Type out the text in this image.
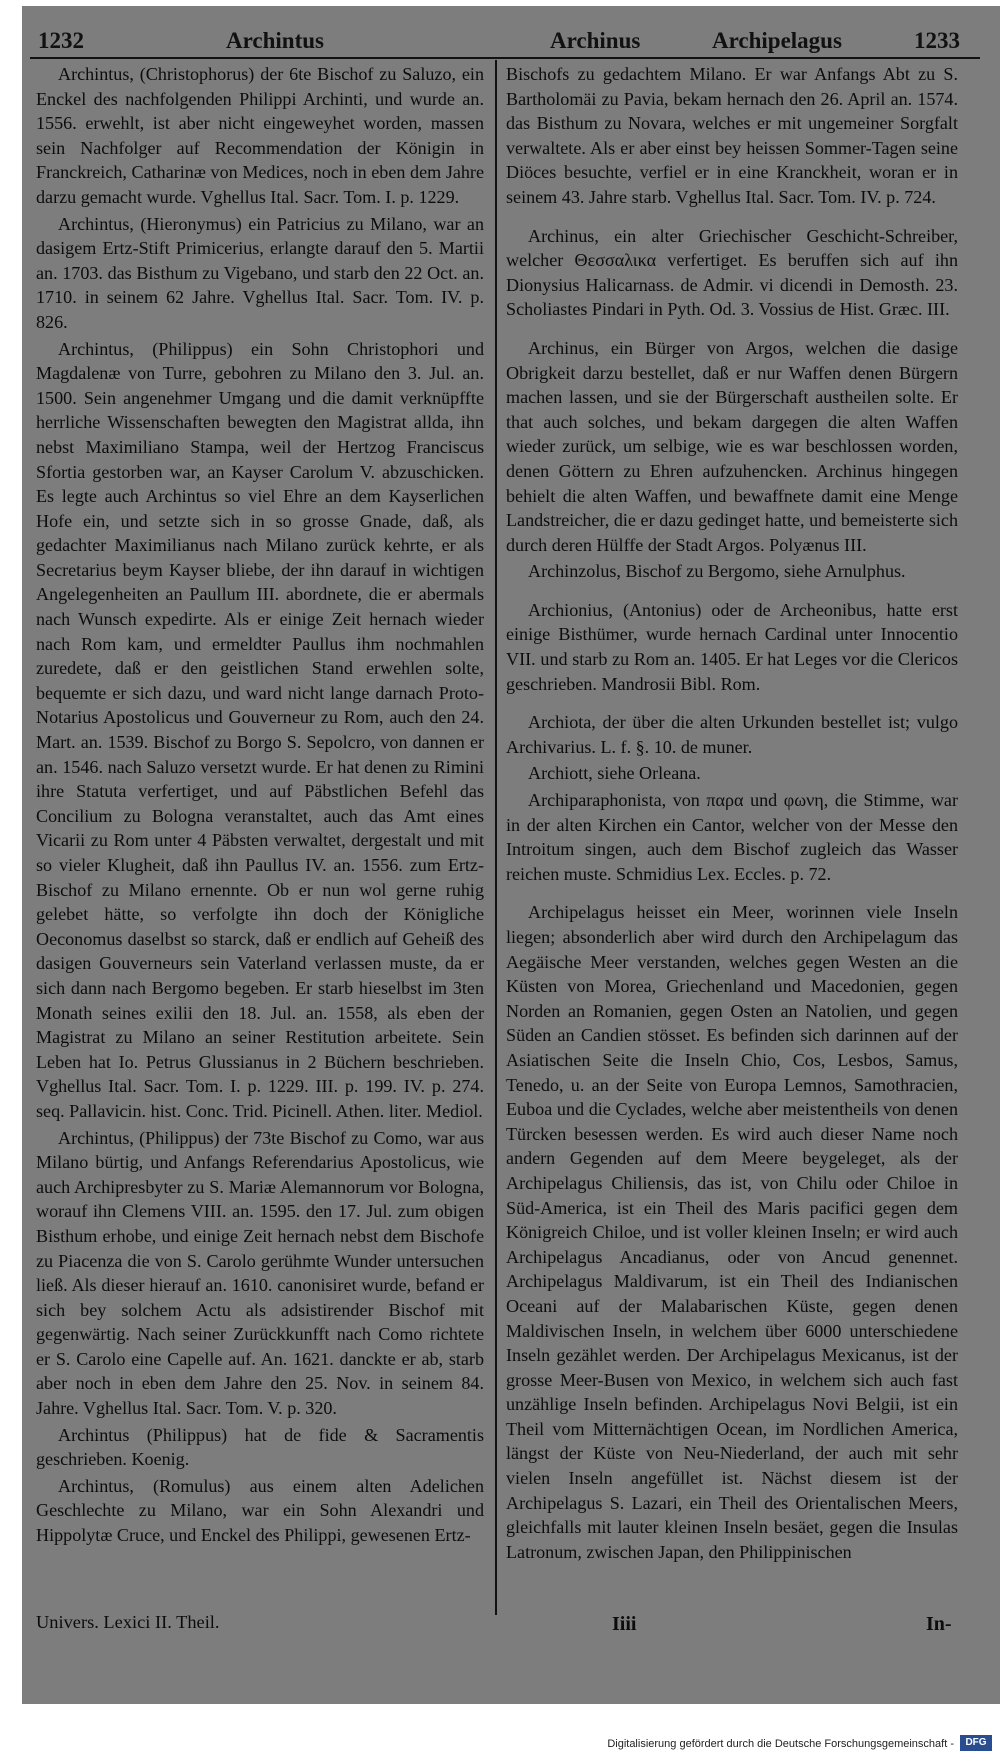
1232	Archintus	Archinus	Archipelagus	1233

Archintus, (Christophorus) der 6te Bischof zu Saluzo, ein Enckel des nachfolgenden Philippi Archinti, und wurde an. 1556. erwehlt, ist aber nicht eingeweyhet worden, massen sein Nachfolger auf Recommendation der Königin in Franckreich, Catharinæ von Medices, noch in eben dem Jahre darzu gemacht wurde. Vghellus Ital. Sacr. Tom. I. p. 1229.

Archintus, (Hieronymus) ein Patricius zu Milano, war an dasigem Ertz-Stift Primicerius, erlangte darauf den 5. Martii an. 1703. das Bisthum zu Vigebano, und starb den 22 Oct. an. 1710. in seinem 62 Jahre. Vghellus Ital. Sacr. Tom. IV. p. 826.

Archintus, (Philippus) ein Sohn Christophori und Magdalenæ von Turre, gebohren zu Milano den 3. Jul. an. 1500. Sein angenehmer Umgang und die damit verknüpffte herrliche Wissenschaften bewegten den Magistrat allda, ihn nebst Maximiliano Stampa, weil der Hertzog Franciscus Sfortia gestorben war, an Kayser Carolum V. abzuschicken. Es legte auch Archintus so viel Ehre an dem Kayserlichen Hofe ein, und setzte sich in so grosse Gnade, daß, als gedachter Maximilianus nach Milano zurück kehrte, er als Secretarius beym Kayser bliebe, der ihn darauf in wichtigen Angelegenheiten an Paullum III. abordnete, die er abermals nach Wunsch expedirte. Als er einige Zeit hernach wieder nach Rom kam, und ermeldter Paullus ihm nochmahlen zuredete, daß er den geistlichen Stand erwehlen solte, bequemte er sich dazu, und ward nicht lange darnach Proto-Notarius Apostolicus und Gouverneur zu Rom, auch den 24. Mart. an. 1539. Bischof zu Borgo S. Sepolcro, von dannen er an. 1546. nach Saluzo versetzt wurde. Er hat denen zu Rimini ihre Statuta verfertiget, und auf Päbstlichen Befehl das Concilium zu Bologna veranstaltet, auch das Amt eines Vicarii zu Rom unter 4 Päbsten verwaltet, dergestalt und mit so vieler Klugheit, daß ihn Paullus IV. an. 1556. zum Ertz-Bischof zu Milano ernennte. Ob er nun wol gerne ruhig gelebet hätte, so verfolgte ihn doch der Königliche Oeconomus daselbst so starck, daß er endlich auf Geheiß des dasigen Gouverneurs sein Vaterland verlassen muste, da er sich dann nach Bergomo begeben. Er starb hieselbst im 3ten Monath seines exilii den 18. Jul. an. 1558, als eben der Magistrat zu Milano an seiner Restitution arbeitete. Sein Leben hat Io. Petrus Glussianus in 2 Büchern beschrieben. Vghellus Ital. Sacr. Tom. I. p. 1229. III. p. 199. IV. p. 274. seq. Pallavicin. hist. Conc. Trid. Picinell. Athen. liter. Mediol.

Archintus, (Philippus) der 73te Bischof zu Como, war aus Milano bürtig, und Anfangs Referendarius Apostolicus, wie auch Archipresbyter zu S. Mariæ Alemannorum vor Bologna, worauf ihn Clemens VIII. an. 1595. den 17. Jul. zum obigen Bisthum erhobe, und einige Zeit hernach nebst dem Bischofe zu Piacenza die von S. Carolo gerühmte Wunder untersuchen ließ. Als dieser hierauf an. 1610. canonisiret wurde, befand er sich bey solchem Actu als adsistirender Bischof mit gegenwärtig. Nach seiner Zurückkunfft nach Como richtete er S. Carolo eine Capelle auf. An. 1621. danckte er ab, starb aber noch in eben dem Jahre den 25. Nov. in seinem 84. Jahre. Vghellus Ital. Sacr. Tom. V. p. 320.

Archintus (Philippus) hat de fide & Sacramentis geschrieben. Koenig.

Archintus, (Romulus) aus einem alten Adelichen Geschlechte zu Milano, war ein Sohn Alexandri und Hippolytæ Cruce, und Enckel des Philippi, gewesenen Ertz-

Bischofs zu gedachtem Milano. Er war Anfangs Abt zu S. Bartholomäi zu Pavia, bekam hernach den 26. April an. 1574. das Bisthum zu Novara, welches er mit ungemeiner Sorgfalt verwaltete. Als er aber einst bey heissen Sommer-Tagen seine Diöces besuchte, verfiel er in eine Kranckheit, woran er in seinem 43. Jahre starb. Vghellus Ital. Sacr. Tom. IV. p. 724.

Archinus, ein alter Griechischer Geschicht-Schreiber, welcher Θεσσαλικα verfertiget. Es beruffen sich auf ihn Dionysius Halicarnass. de Admir. vi dicendi in Demosth. 23. Scholiastes Pindari in Pyth. Od. 3. Vossius de Hist. Græc. III.

Archinus, ein Bürger von Argos, welchen die dasige Obrigkeit darzu bestellet, daß er nur Waffen denen Bürgern machen lassen, und sie der Bürgerschaft austheilen solte. Er that auch solches, und bekam dargegen die alten Waffen wieder zurück, um selbige, wie es war beschlossen worden, denen Göttern zu Ehren aufzuhencken. Archinus hingegen behielt die alten Waffen, und bewaffnete damit eine Menge Landstreicher, die er dazu gedinget hatte, und bemeisterte sich durch deren Hülffe der Stadt Argos. Polyænus III.

Archinzolus, Bischof zu Bergomo, siehe Arnulphus.

Archionius, (Antonius) oder de Archeonibus, hatte erst einige Bisthümer, wurde hernach Cardinal unter Innocentio VII. und starb zu Rom an. 1405. Er hat Leges vor die Clericos geschrieben. Mandrosii Bibl. Rom.

Archiota, der über die alten Urkunden bestellet ist; vulgo Archivarius. L. f. §. 10. de muner.

Archiott, siehe Orleana.

Archiparaphonista, von παρα und φωνη, die Stimme, war in der alten Kirchen ein Cantor, welcher von der Messe den Introitum singen, auch dem Bischof zugleich das Wasser reichen muste. Schmidius Lex. Eccles. p. 72.

Archipelagus heisset ein Meer, worinnen viele Inseln liegen; absonderlich aber wird durch den Archipelagum das Aegäische Meer verstanden, welches gegen Westen an die Küsten von Morea, Griechenland und Macedonien, gegen Norden an Romanien, gegen Osten an Natolien, und gegen Süden an Candien stösset. Es befinden sich darinnen auf der Asiatischen Seite die Inseln Chio, Cos, Lesbos, Samus, Tenedo, u. an der Seite von Europa Lemnos, Samothracien, Euboa und die Cyclades, welche aber meistentheils von denen Türcken besessen werden. Es wird auch dieser Name noch andern Gegenden auf dem Meere beygeleget, als der Archipelagus Chiliensis, das ist, von Chilu oder Chiloe in Süd-America, ist ein Theil des Maris pacifici gegen dem Königreich Chiloe, und ist voller kleinen Inseln; er wird auch Archipelagus Ancadianus, oder von Ancud genennet. Archipelagus Maldivarum, ist ein Theil des Indianischen Oceani auf der Malabarischen Küste, gegen denen Maldivischen Inseln, in welchem über 6000 unterschiedene Inseln gezählet werden. Der Archipelagus Mexicanus, ist der grosse Meer-Busen von Mexico, in welchem sich auch fast unzählige Inseln befinden. Archipelagus Novi Belgii, ist ein Theil vom Mitternächtigen Ocean, im Nordlichen America, längst der Küste von Neu-Niederland, der auch mit sehr vielen Inseln angefüllet ist. Nächst diesem ist der Archipelagus S. Lazari, ein Theil des Orientalischen Meers, gleichfalls mit lauter kleinen Inseln besäet, gegen die Insulas Latronum, zwischen Japan, den Philippinischen

Univers. Lexici II. Theil.	Iiii	In-
Digitalisierung gefördert durch die Deutsche Forschungsgemeinschaft -	DFG
